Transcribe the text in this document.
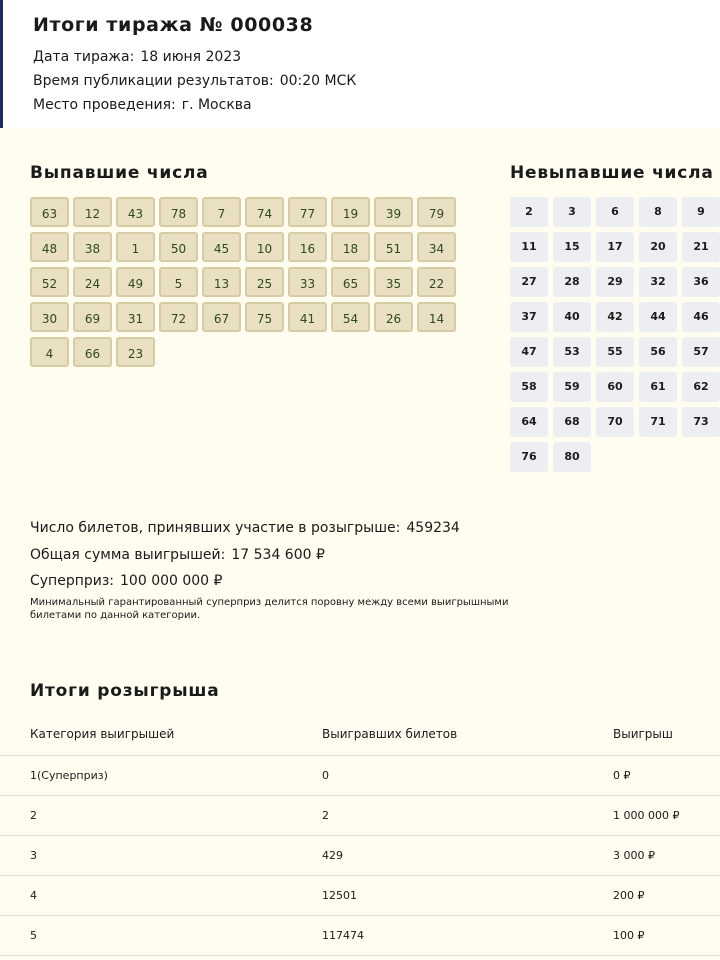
Итоги тиража № 000038
Дата тиража: 18 июня 2023
Время публикации результатов: 00:20 МСК
Место проведения: г. Москва
Выпавшие числа
63	12	43	78	7	74	77	19	39	79
48	38	1	50	45	10	16	18	51	34
52	24	49	5	13	25	33	65	35	22
30	69	31	72	67	75	41	54	26	14
4	66	23
Невыпавшие числа
2	3	6	8	9
11	15	17	20	21
27	28	29	32	36
37	40	42	44	46
47	53	55	56	57
58	59	60	61	62
64	68	70	71	73
76	80
Число билетов, принявших участие в розыгрыше: 459234
Общая сумма выигрышей: 17 534 600 ₽
Суперприз: 100 000 000 ₽
Минимальный гарантированный суперприз делится поровну между всеми выигрышными билетами по данной категории.
Итоги розыгрыша
Категория выигрышей	Выигравших билетов	Выигрыш
1(Суперприз)	0	0 ₽
2	2	1 000 000 ₽
3	429	3 000 ₽
4	12501	200 ₽
5	117474	100 ₽
